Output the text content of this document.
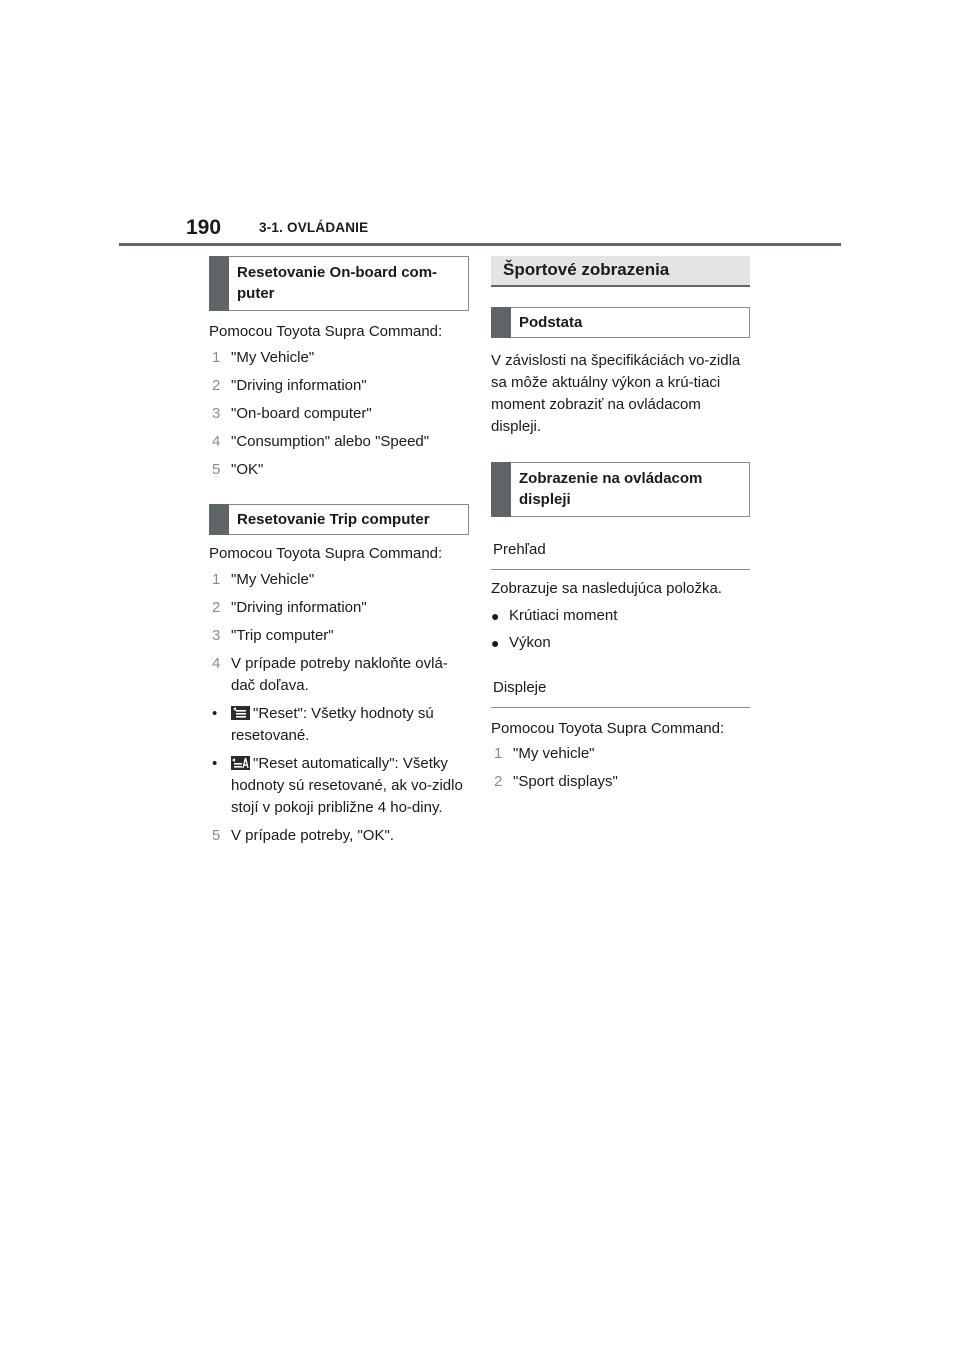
190	3-1. OVLÁDANIE
Resetovanie On-board com-puter

Pomocou Toyota Supra Command:

1 "My Vehicle"
2 "Driving information"
3 "On-board computer"
4 "Consumption" alebo "Speed"
5 "OK"
Resetovanie Trip computer

Pomocou Toyota Supra Command:

1 "My Vehicle"
2 "Driving information"
3 "Trip computer"
4 V prípade potreby nakloňte ovlá-dač doľava.
•	"Reset": Všetky hodnoty sú resetované.
•	"Reset automatically": Všetky hodnoty sú resetované, ak vo-zidlo stojí v pokoji približne 4 ho-diny.
5 V prípade potreby, "OK".
Športové zobrazenia
Podstata

V závislosti na špecifikáciách vo-zidla sa môže aktuálny výkon a krú-tiaci moment zobraziť na ovládacom displeji.

Zobrazenie na ovládacom displeji
Prehľad

Zobrazuje sa nasledujúca položka.

● Krútiaci moment
● Výkon
Displeje

Pomocou Toyota Supra Command:

1 "My vehicle"
2 "Sport displays"
